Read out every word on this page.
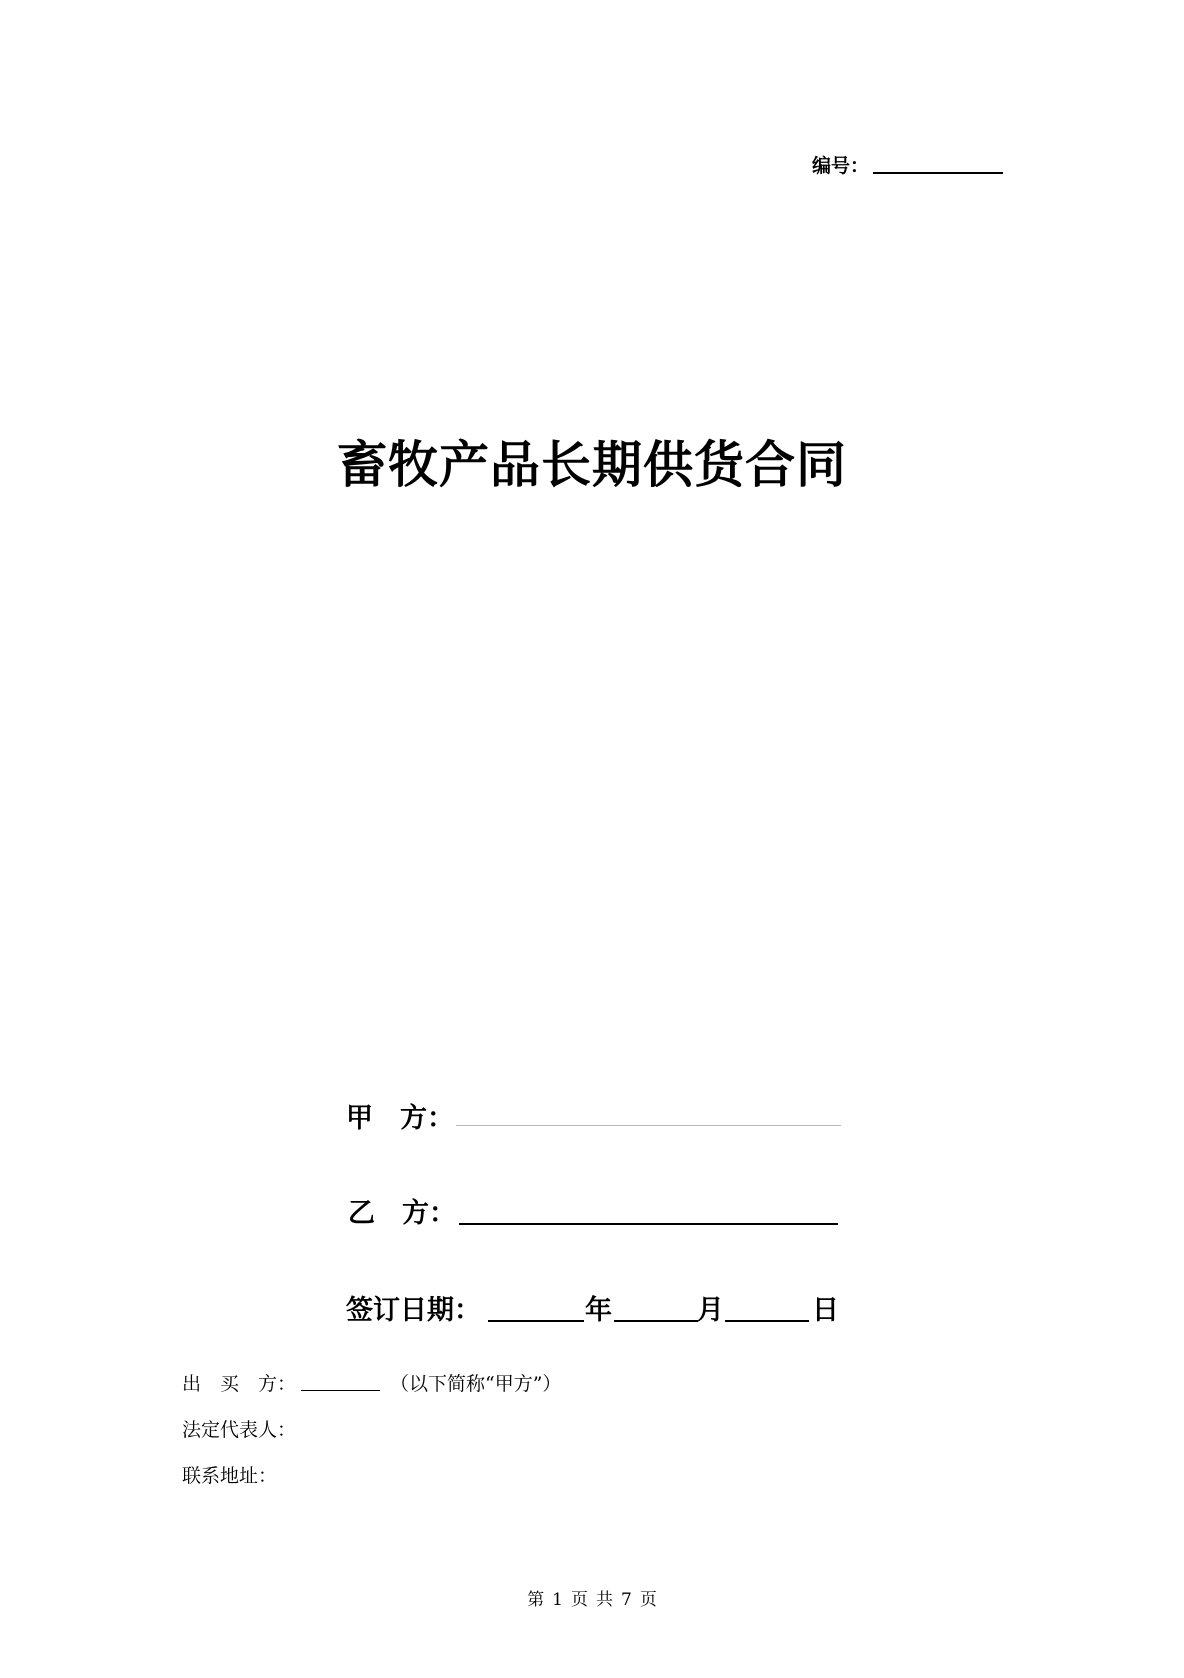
编号：
畜牧产品长期供货合同
甲　方：
乙　方：
签订日期：	年	月	日
出　买　方：	（以下简称“甲方”）
法定代表人：
联系地址：
第 1 页 共 7 页
